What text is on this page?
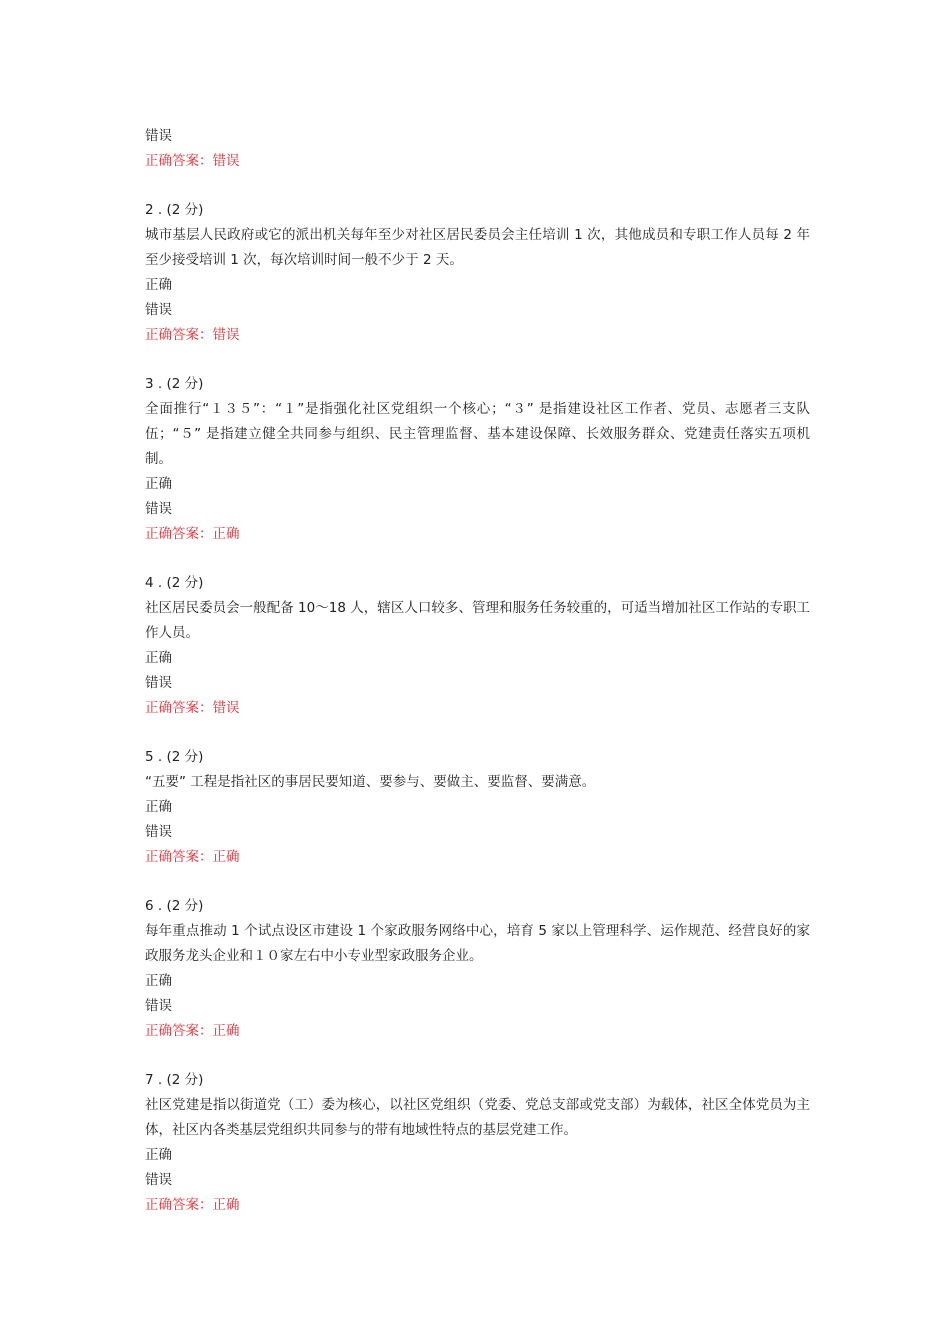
错误

正确答案：错误

2 . (2 分)

城市基层人民政府或它的派出机关每年至少对社区居民委员会主任培训 1 次，其他成员和专职工作人员每 2 年至少接受培训 1 次，每次培训时间一般不少于 2 天。

正确

错误

正确答案：错误

3 . (2 分)

全面推行“１３５”：“１”是指强化社区党组织一个核心；“３” 是指建设社区工作者、党员、志愿者三支队伍；“５” 是指建立健全共同参与组织、民主管理监督、基本建设保障、长效服务群众、党建责任落实五项机制。

正确

错误

正确答案：正确

4 . (2 分)

社区居民委员会一般配备 10～18 人，辖区人口较多、管理和服务任务较重的，可适当增加社区工作站的专职工作人员。

正确

错误

正确答案：错误

5 . (2 分)

“五要” 工程是指社区的事居民要知道、要参与、要做主、要监督、要满意。

正确

错误

正确答案：正确

6 . (2 分)

每年重点推动 1 个试点设区市建设 1 个家政服务网络中心，培育 5 家以上管理科学、运作规范、经营良好的家政服务龙头企业和１０家左右中小专业型家政服务企业。

正确

错误

正确答案：正确

7 . (2 分)

社区党建是指以街道党（工）委为核心，以社区党组织（党委、党总支部或党支部）为载体，社区全体党员为主体，社区内各类基层党组织共同参与的带有地域性特点的基层党建工作。

正确

错误

正确答案：正确
